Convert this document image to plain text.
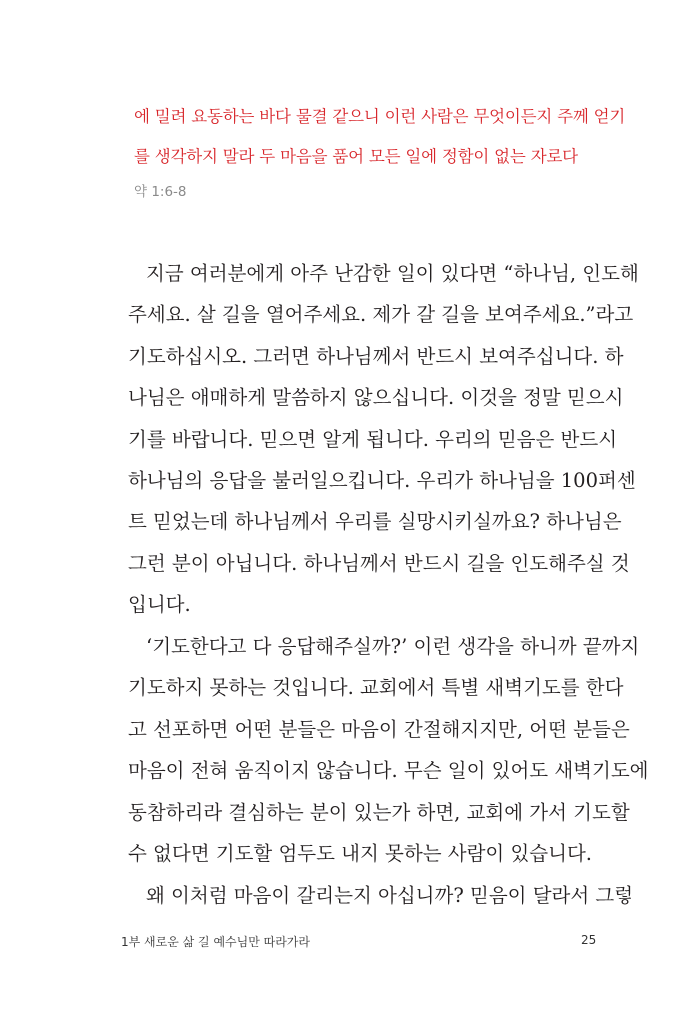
에 밀려 요동하는 바다 물결 같으니 이런 사람은 무엇이든지 주께 얻기
를 생각하지 말라 두 마음을 품어 모든 일에 정함이 없는 자로다
약 1:6-8
지금 여러분에게 아주 난감한 일이 있다면 “하나님, 인도해
주세요. 살 길을 열어주세요. 제가 갈 길을 보여주세요.”라고
기도하십시오. 그러면 하나님께서 반드시 보여주십니다. 하
나님은 애매하게 말씀하지 않으십니다. 이것을 정말 믿으시
기를 바랍니다. 믿으면 알게 됩니다. 우리의 믿음은 반드시
하나님의 응답을 불러일으킵니다. 우리가 하나님을 100퍼센
트 믿었는데 하나님께서 우리를 실망시키실까요? 하나님은
그런 분이 아닙니다. 하나님께서 반드시 길을 인도해주실 것
입니다.
‘기도한다고 다 응답해주실까?’ 이런 생각을 하니까 끝까지
기도하지 못하는 것입니다. 교회에서 특별 새벽기도를 한다
고 선포하면 어떤 분들은 마음이 간절해지지만, 어떤 분들은
마음이 전혀 움직이지 않습니다. 무슨 일이 있어도 새벽기도에
동참하리라 결심하는 분이 있는가 하면, 교회에 가서 기도할
수 없다면 기도할 엄두도 내지 못하는 사람이 있습니다.
왜 이처럼 마음이 갈리는지 아십니까? 믿음이 달라서 그렇
1부 새로운 삶 길 예수님만 따라가라	25
